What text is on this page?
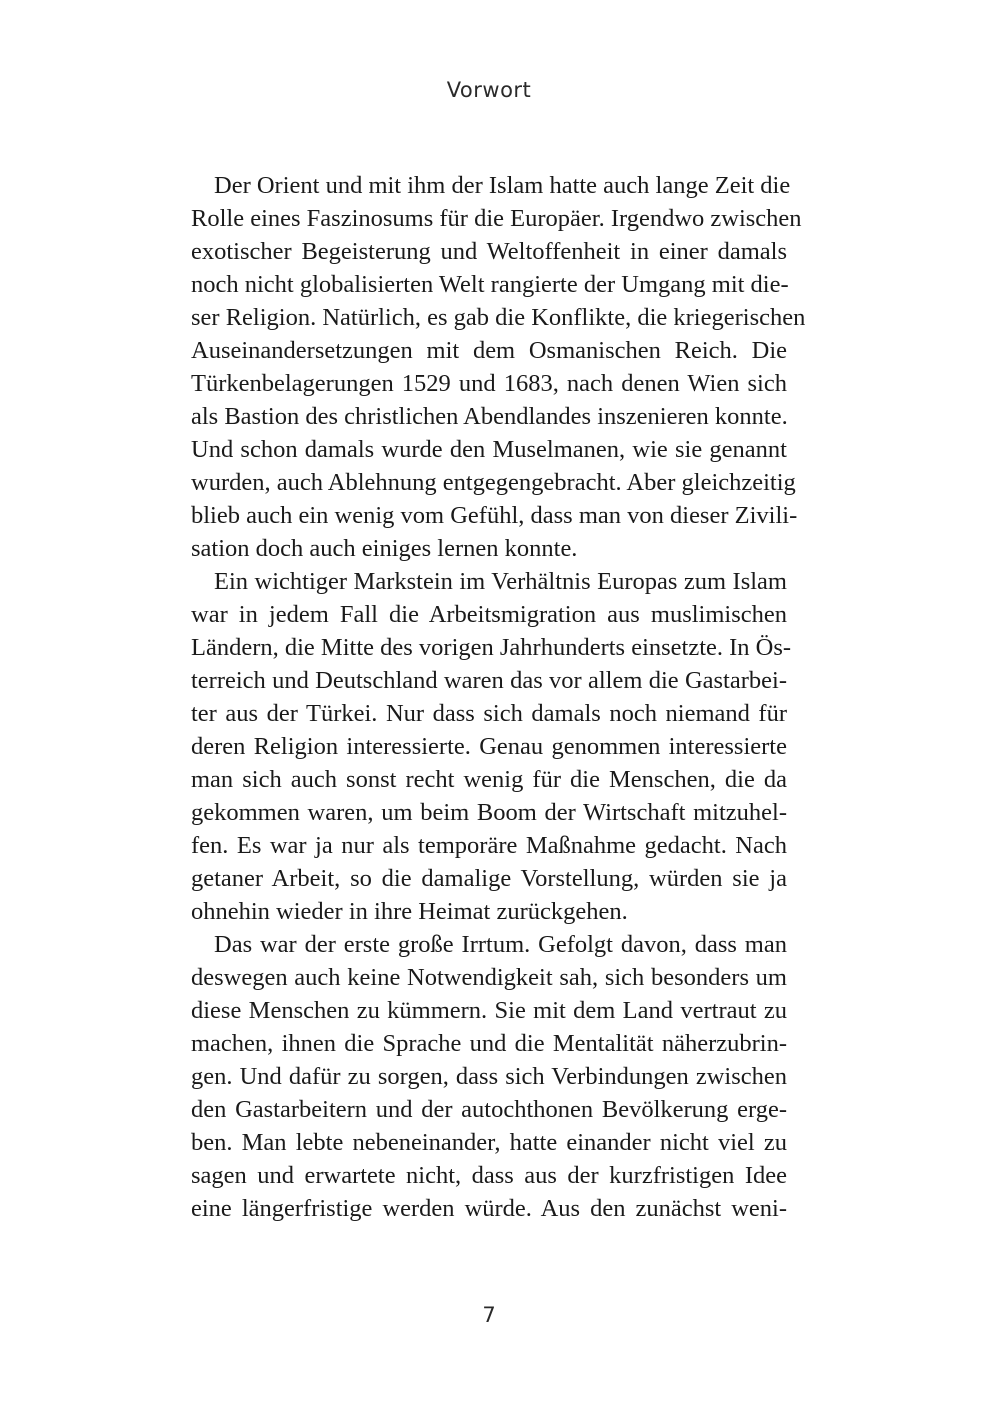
Vorwort

Der Orient und mit ihm der Islam hatte auch lange Zeit die
Rolle eines Faszinosums für die Europäer. Irgendwo zwischen
exotischer Begeisterung und Weltoffenheit in einer damals
noch nicht globalisierten Welt rangierte der Umgang mit die-
ser Religion. Natürlich, es gab die Konflikte, die kriegerischen
Auseinandersetzungen mit dem Osmanischen Reich. Die
Türkenbelagerungen 1529 und 1683, nach denen Wien sich
als Bastion des christlichen Abendlandes inszenieren konnte.
Und schon damals wurde den Muselmanen, wie sie genannt
wurden, auch Ablehnung entgegengebracht. Aber gleichzeitig
blieb auch ein wenig vom Gefühl, dass man von dieser Zivili-
sation doch auch einiges lernen konnte.

Ein wichtiger Markstein im Verhältnis Europas zum Islam
war in jedem Fall die Arbeitsmigration aus muslimischen
Ländern, die Mitte des vorigen Jahrhunderts einsetzte. In Ös-
terreich und Deutschland waren das vor allem die Gastarbei-
ter aus der Türkei. Nur dass sich damals noch niemand für
deren Religion interessierte. Genau genommen interessierte
man sich auch sonst recht wenig für die Menschen, die da
gekommen waren, um beim Boom der Wirtschaft mitzuhel-
fen. Es war ja nur als temporäre Maßnahme gedacht. Nach
getaner Arbeit, so die damalige Vorstellung, würden sie ja
ohnehin wieder in ihre Heimat zurückgehen.

Das war der erste große Irrtum. Gefolgt davon, dass man
deswegen auch keine Notwendigkeit sah, sich besonders um
diese Menschen zu kümmern. Sie mit dem Land vertraut zu
machen, ihnen die Sprache und die Mentalität näherzubrin-
gen. Und dafür zu sorgen, dass sich Verbindungen zwischen
den Gastarbeitern und der autochthonen Bevölkerung erge-
ben. Man lebte nebeneinander, hatte einander nicht viel zu
sagen und erwartete nicht, dass aus der kurzfristigen Idee
eine längerfristige werden würde. Aus den zunächst weni-

7
